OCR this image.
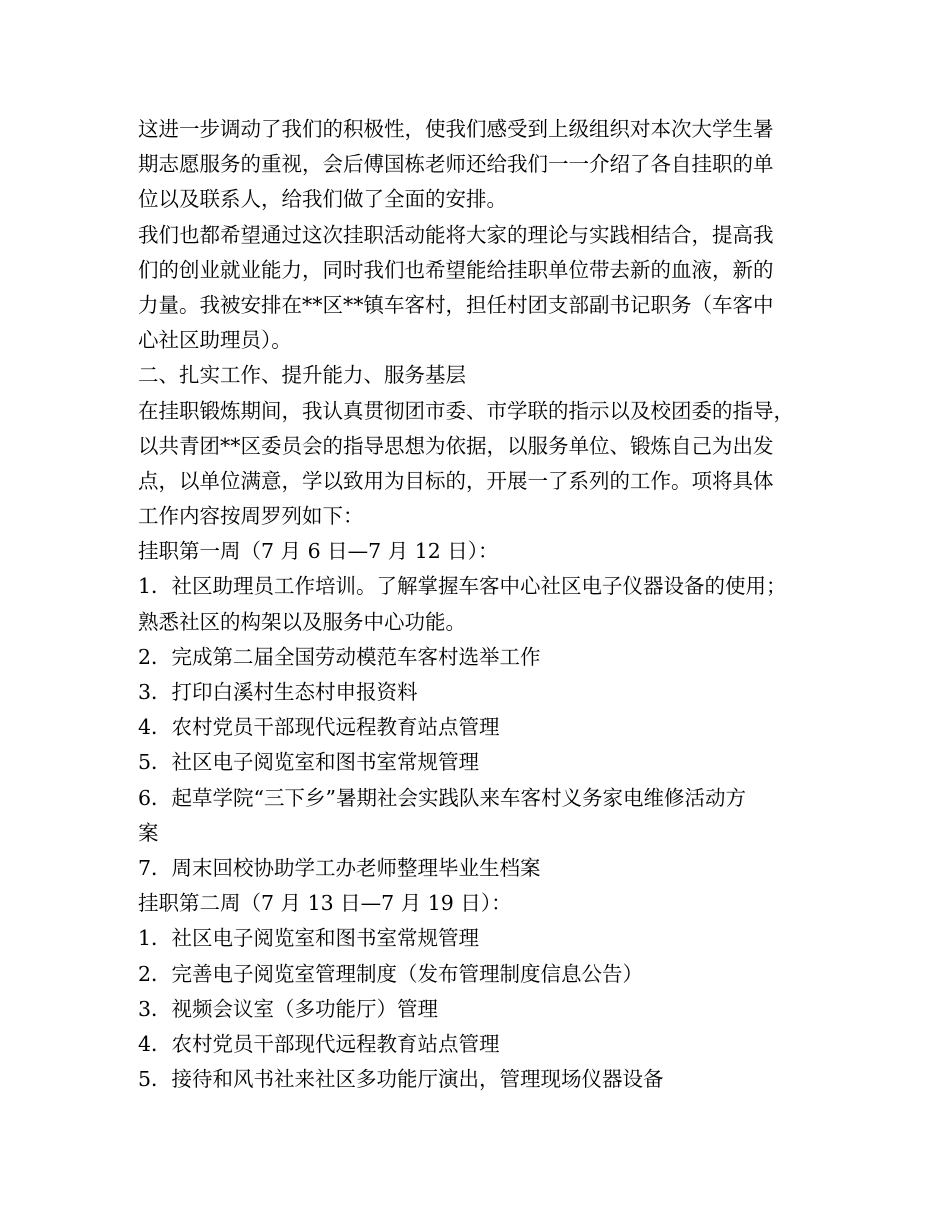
这进一步调动了我们的积极性，使我们感受到上级组织对本次大学生暑

期志愿服务的重视，会后傅国栋老师还给我们一一介绍了各自挂职的单

位以及联系人，给我们做了全面的安排。

我们也都希望通过这次挂职活动能将大家的理论与实践相结合，提高我

们的创业就业能力，同时我们也希望能给挂职单位带去新的血液，新的

力量。我被安排在**区**镇车客村，担任村团支部副书记职务（车客中

心社区助理员）。

二、扎实工作、提升能力、服务基层

在挂职锻炼期间，我认真贯彻团市委、市学联的指示以及校团委的指导，

以共青团**区委员会的指导思想为依据，以服务单位、锻炼自己为出发

点，以单位满意，学以致用为目标的，开展一了系列的工作。项将具体

工作内容按周罗列如下：

挂职第一周（7 月 6 日—7 月 12 日）：

1．社区助理员工作培训。了解掌握车客中心社区电子仪器设备的使用；

熟悉社区的构架以及服务中心功能。

2．完成第二届全国劳动模范车客村选举工作

3．打印白溪村生态村申报资料

4．农村党员干部现代远程教育站点管理

5．社区电子阅览室和图书室常规管理

6．起草学院“三下乡”暑期社会实践队来车客村义务家电维修活动方

案

7．周末回校协助学工办老师整理毕业生档案

挂职第二周（7 月 13 日—7 月 19 日）：

1．社区电子阅览室和图书室常规管理

2．完善电子阅览室管理制度（发布管理制度信息公告）

3．视频会议室（多功能厅）管理

4．农村党员干部现代远程教育站点管理

5．接待和风书社来社区多功能厅演出，管理现场仪器设备
